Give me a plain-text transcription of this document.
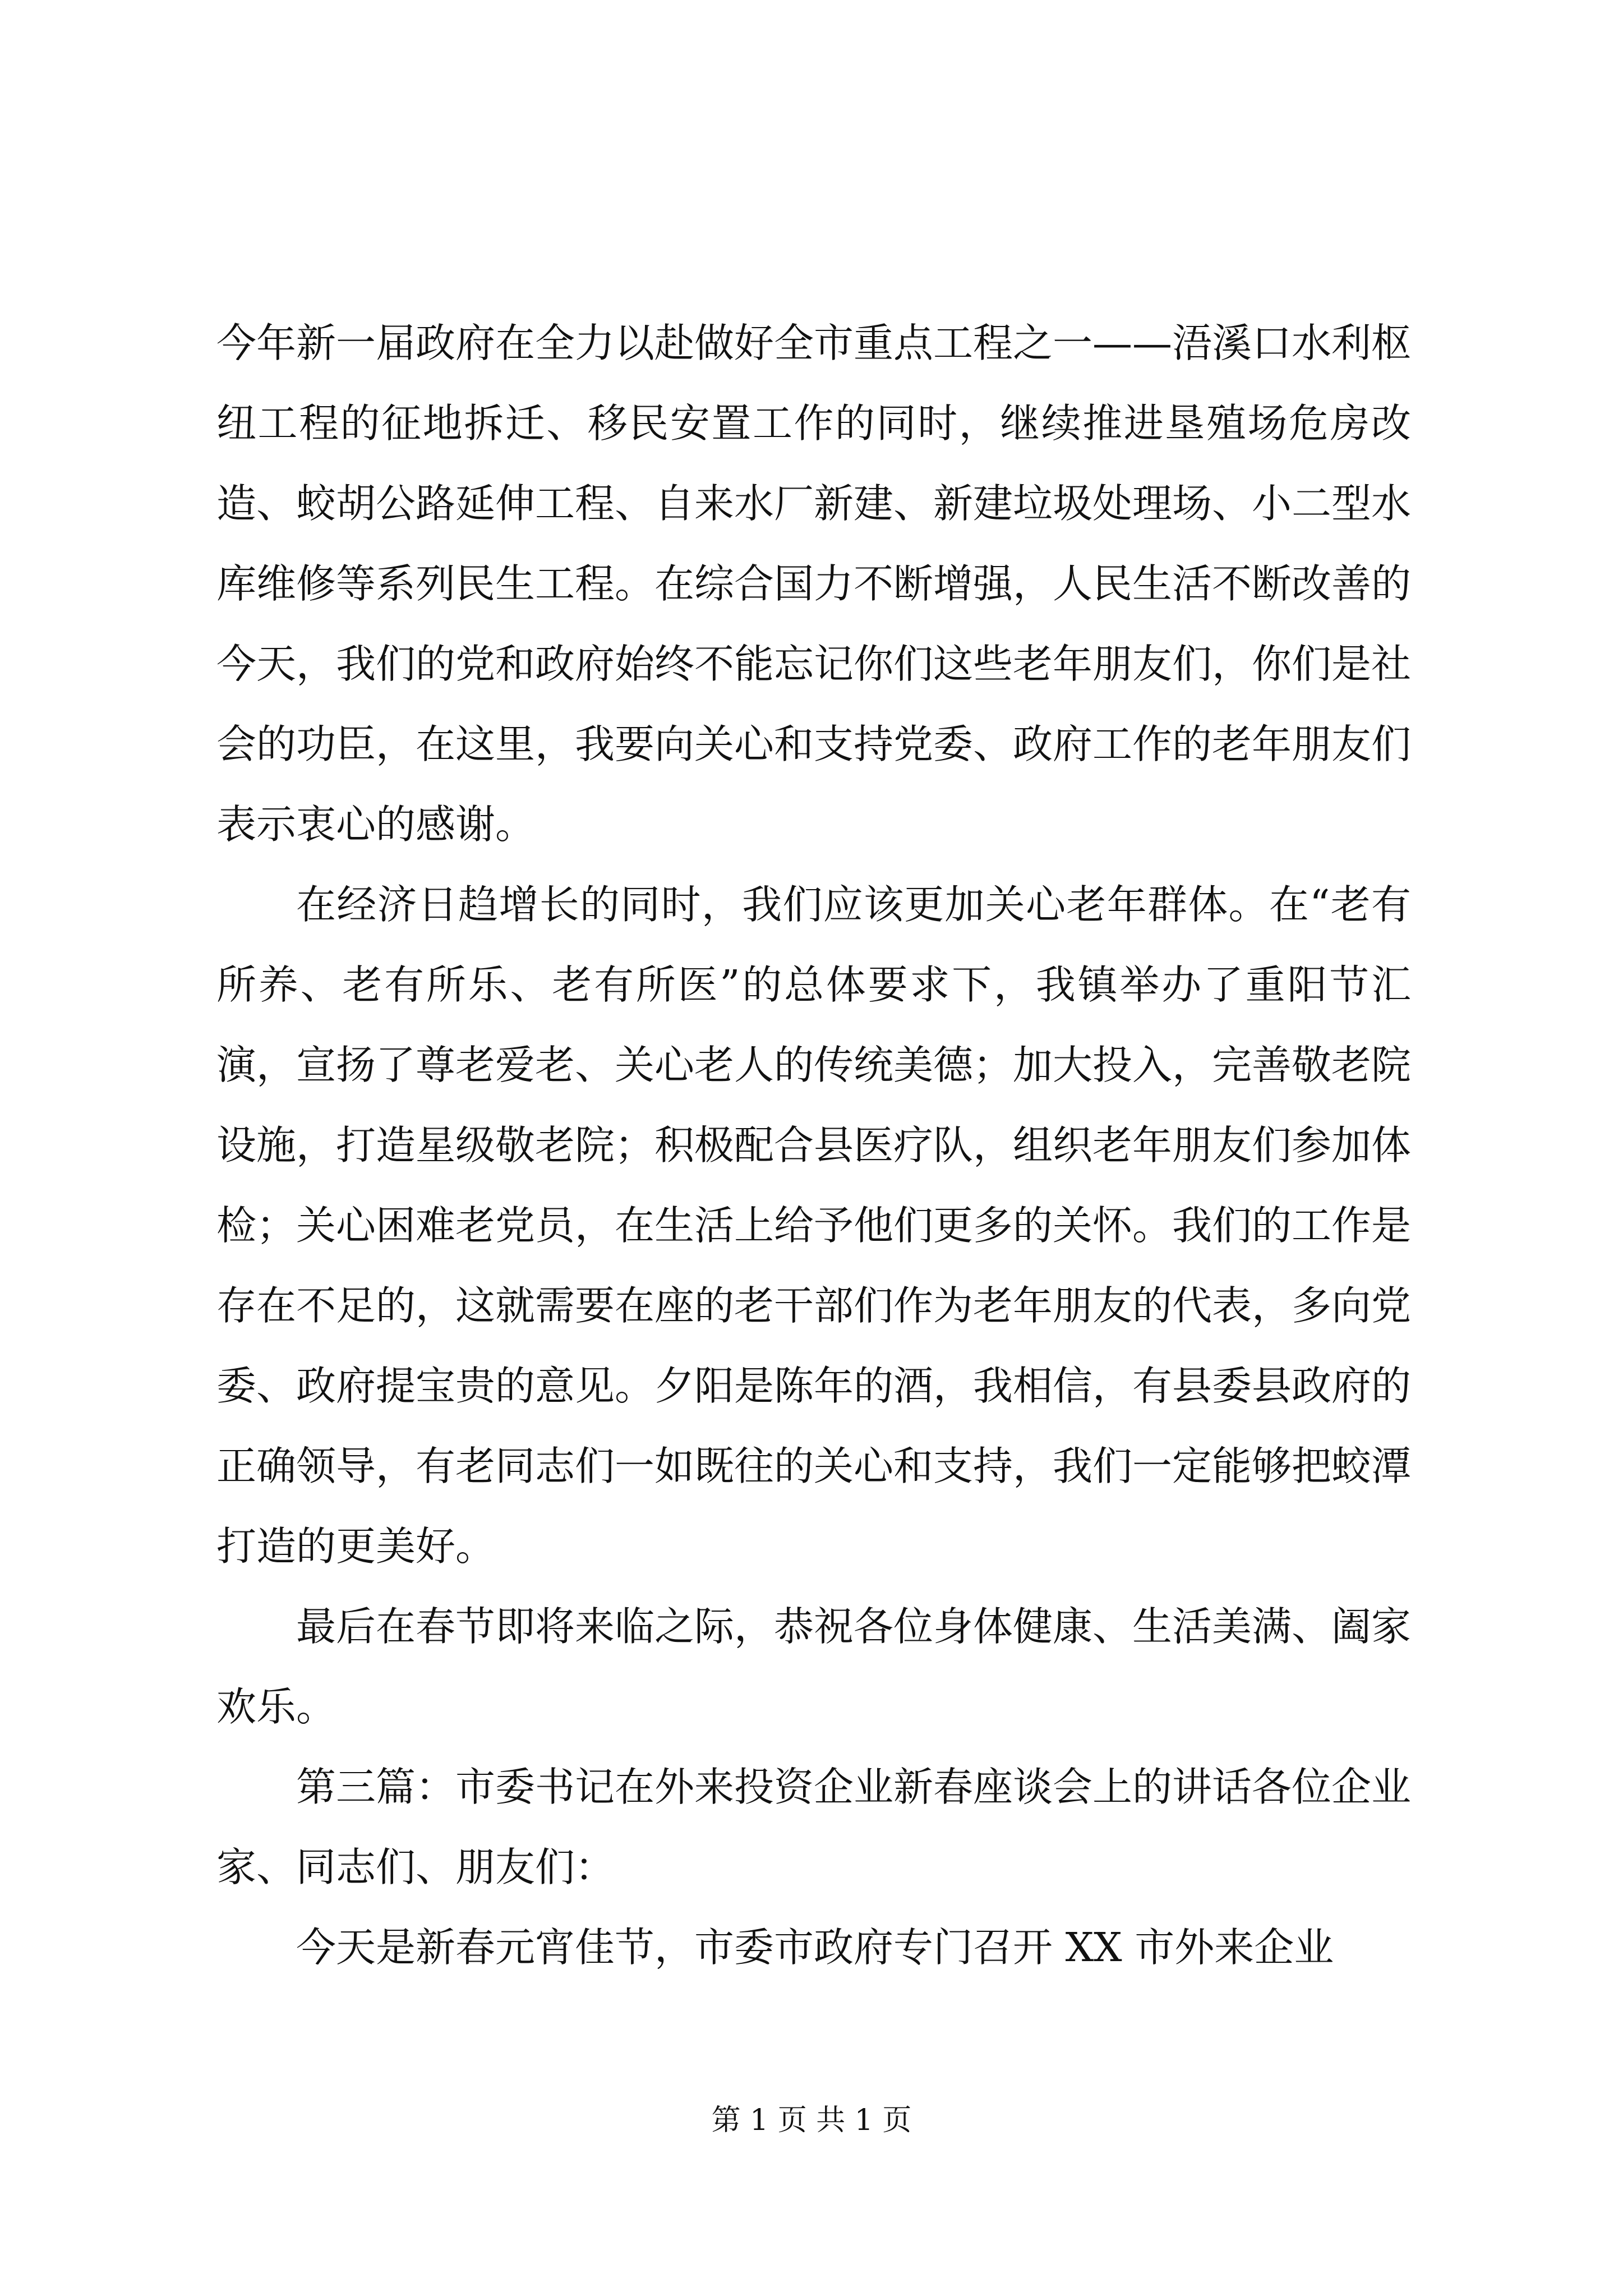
今年新一届政府在全力以赴做好全市重点工程之一——浯溪口水利枢纽工程的征地拆迁、移民安置工作的同时，继续推进垦殖场危房改造、蛟胡公路延伸工程、自来水厂新建、新建垃圾处理场、小二型水库维修等系列民生工程。在综合国力不断增强，人民生活不断改善的今天，我们的党和政府始终不能忘记你们这些老年朋友们，你们是社会的功臣，在这里，我要向关心和支持党委、政府工作的老年朋友们表示衷心的感谢。

在经济日趋增长的同时，我们应该更加关心老年群体。在“老有所养、老有所乐、老有所医”的总体要求下，我镇举办了重阳节汇演，宣扬了尊老爱老、关心老人的传统美德；加大投入，完善敬老院设施，打造星级敬老院；积极配合县医疗队，组织老年朋友们参加体检；关心困难老党员，在生活上给予他们更多的关怀。我们的工作是存在不足的，这就需要在座的老干部们作为老年朋友的代表，多向党委、政府提宝贵的意见。夕阳是陈年的酒，我相信，有县委县政府的正确领导，有老同志们一如既往的关心和支持，我们一定能够把蛟潭打造的更美好。

最后在春节即将来临之际，恭祝各位身体健康、生活美满、阖家欢乐。

第三篇：市委书记在外来投资企业新春座谈会上的讲话各位企业家、同志们、朋友们：

今天是新春元宵佳节，市委市政府专门召开 XX 市外来企业

第 1 页 共 1 页
